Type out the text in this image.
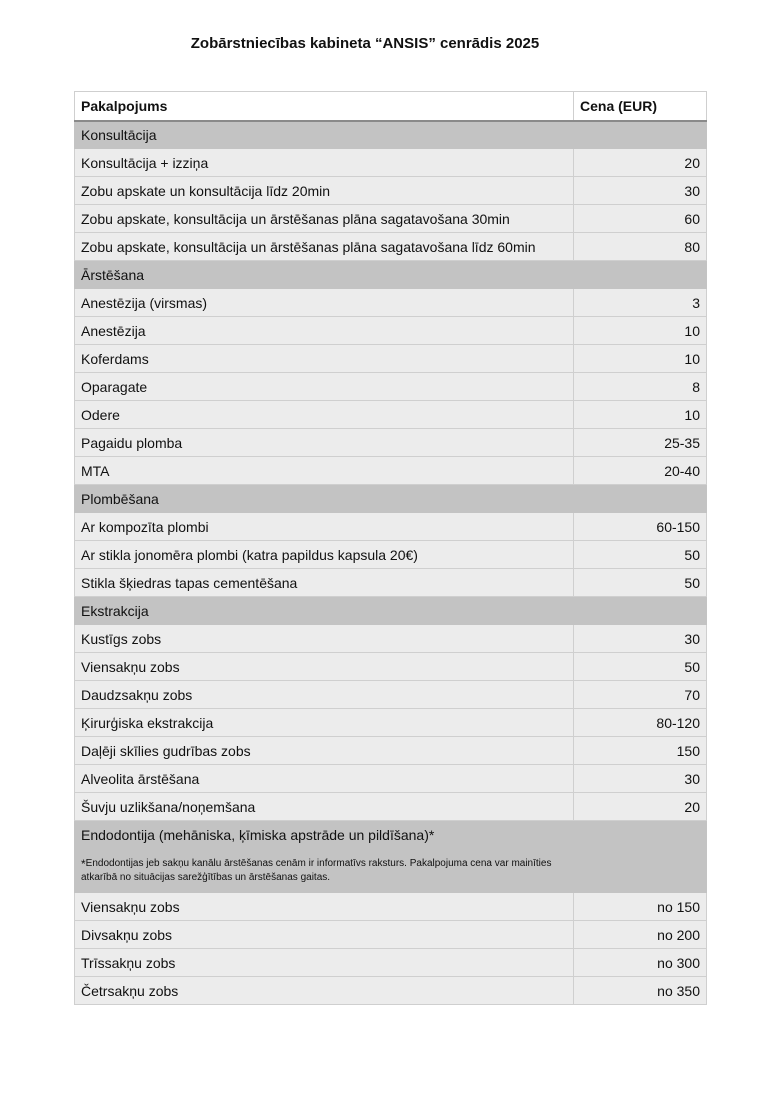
Zobārstniecības kabineta “ANSIS” cenrādis 2025
Pakalpojums	Cena (EUR)
Konsultācija	
Konsultācija + izziņa	20
Zobu apskate un konsultācija līdz 20min	30
Zobu apskate, konsultācija un ārstēšanas plāna sagatavošana 30min	60
Zobu apskate, konsultācija un ārstēšanas plāna sagatavošana līdz 60min	80
Ārstēšana	
Anestēzija (virsmas)	3
Anestēzija	10
Koferdams	10
Oparagate	8
Odere	10
Pagaidu plomba	25-35
MTA	20-40
Plombēšana	
Ar kompozīta plombi	60-150
Ar stikla jonomēra plombi (katra papildus kapsula 20€)	50
Stikla šķiedras tapas cementēšana	50
Ekstrakcija	
Kustīgs zobs	30
Viensakņu zobs	50
Daudzsakņu zobs	70
Ķirurģiska ekstrakcija	80-120
Daļēji skīlies gudrības zobs	150
Alveolita ārstēšana	30
Šuvju uzlikšana/noņemšana	20
Endodontija (mehāniska, ķīmiska apstrāde un pildīšana)*
*Endodontijas jeb sakņu kanālu ārstēšanas cenām ir informatīvs raksturs. Pakalpojuma cena var mainīties atkarībā no situācijas sarežģītības un ārstēšanas gaitas.	

Viensakņu zobs	no 150
Divsakņu zobs	no 200
Trīssakņu zobs	no 300
Četrsakņu zobs	no 350
